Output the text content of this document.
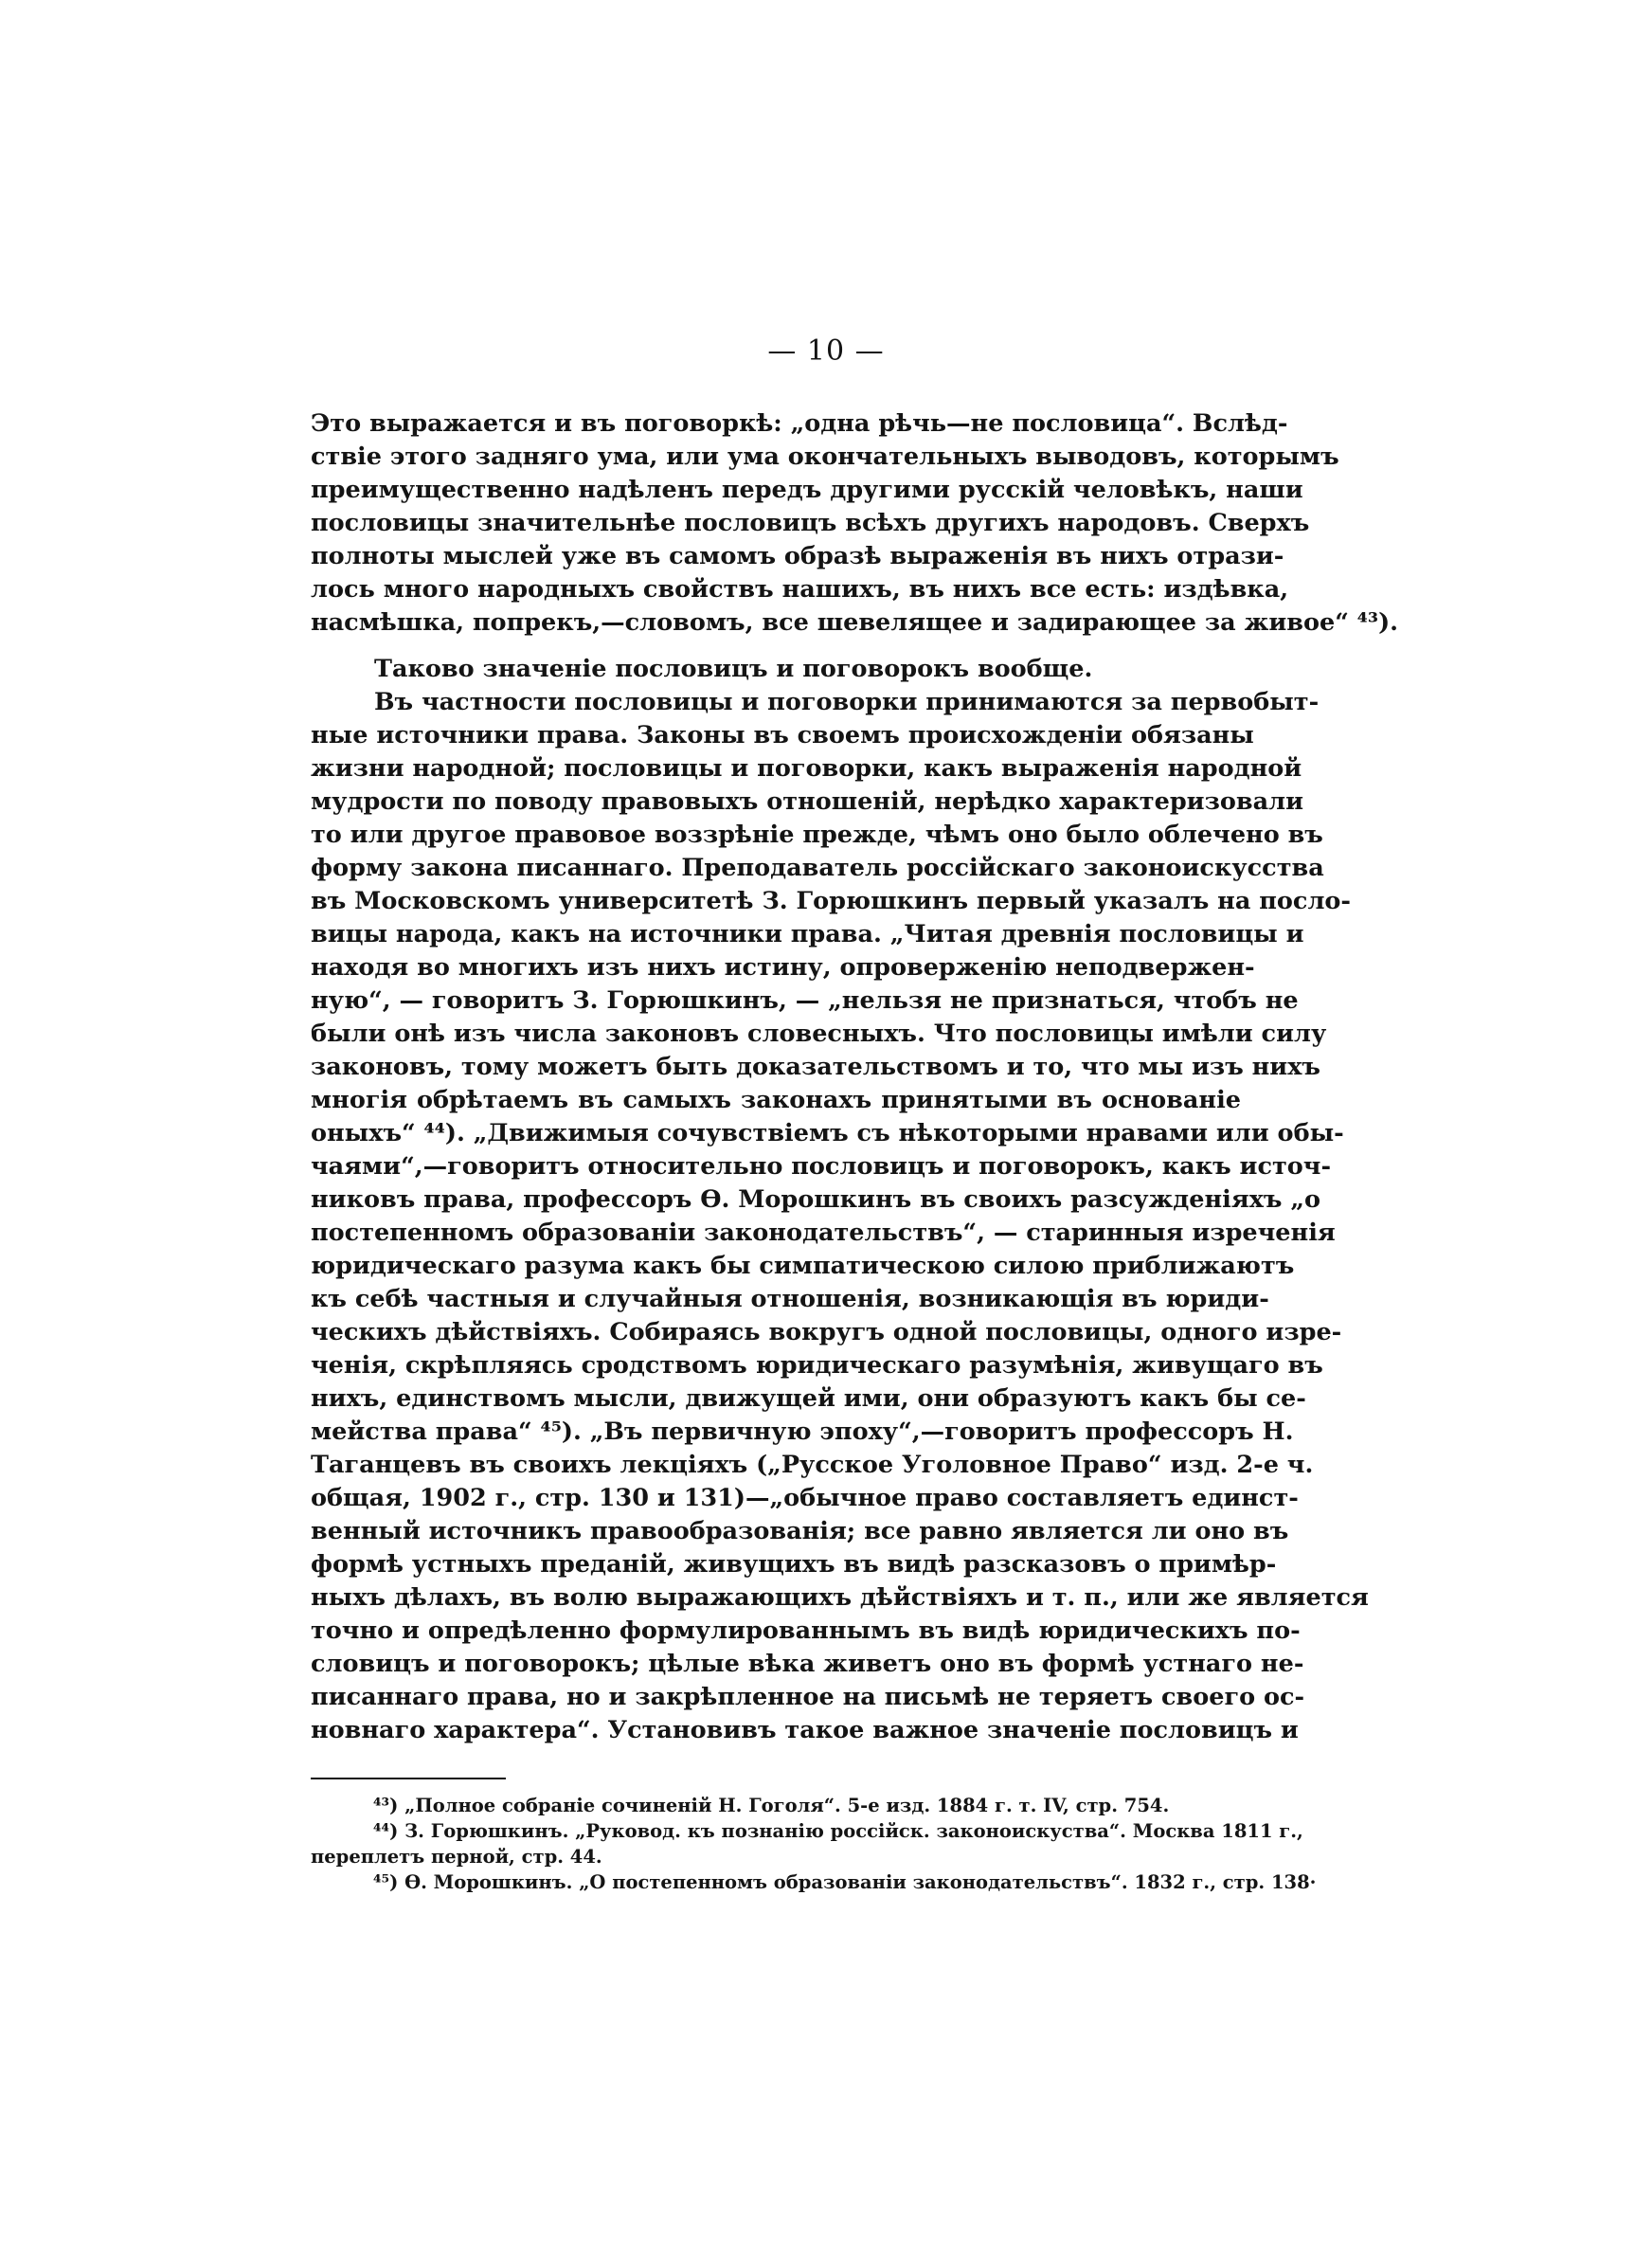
— 10 —
Это выражается и въ поговоркѣ: „одна рѣчь—не пословица“. Вслѣд-
ствіе этого задняго ума, или ума окончательныхъ выводовъ, которымъ
преимущественно надѣленъ передъ другими русскій человѣкъ, наши
пословицы значительнѣе пословицъ всѣхъ другихъ народовъ. Сверхъ
полноты мыслей уже въ самомъ образѣ выраженія въ нихъ отрази-
лось много народныхъ свойствъ нашихъ, въ нихъ все есть: издѣвка,
насмѣшка, попрекъ,—словомъ, все шевелящее и задирающее за живое“ ⁴³).
Таково значеніе пословицъ и поговорокъ вообще.
Въ частности пословицы и поговорки принимаются за первобыт-
ные источники права. Законы въ своемъ происхожденіи обязаны
жизни народной; пословицы и поговорки, какъ выраженія народной
мудрости по поводу правовыхъ отношеній, нерѣдко характеризовали
то или другое правовое воззрѣніе прежде, чѣмъ оно было облечено въ
форму закона писаннаго. Преподаватель россійскаго законоискусства
въ Московскомъ университетѣ З. Горюшкинъ первый указалъ на посло-
вицы народа, какъ на источники права. „Читая древнія пословицы и
находя во многихъ изъ нихъ истину, опроверженію неподвержен-
ную“, — говоритъ З. Горюшкинъ, — „нельзя не признаться, чтобъ не
были онѣ изъ числа законовъ словесныхъ. Что пословицы имѣли силу
законовъ, тому можетъ быть доказательствомъ и то, что мы изъ нихъ
многія обрѣтаемъ въ самыхъ законахъ принятыми въ основаніе
оныхъ“ ⁴⁴). „Движимыя сочувствіемъ съ нѣкоторыми нравами или обы-
чаями“,—говоритъ относительно пословицъ и поговорокъ, какъ источ-
никовъ права, профессоръ Ѳ. Морошкинъ въ своихъ разсужденіяхъ „о
постепенномъ образованіи законодательствъ“, — старинныя изреченія
юридическаго разума какъ бы симпатическою силою приближаютъ
къ себѣ частныя и случайныя отношенія, возникающія въ юриди-
ческихъ дѣйствіяхъ. Собираясь вокругъ одной пословицы, одного изре-
ченія, скрѣпляясь сродствомъ юридическаго разумѣнія, живущаго въ
нихъ, единствомъ мысли, движущей ими, они образуютъ какъ бы се-
мейства права“ ⁴⁵). „Въ первичную эпоху“,—говоритъ профессоръ Н.
Таганцевъ въ своихъ лекціяхъ („Русское Уголовное Право“ изд. 2-е ч.
общая, 1902 г., стр. 130 и 131)—„обычное право составляетъ единст-
венный источникъ правообразованія; все равно является ли оно въ
формѣ устныхъ преданій, живущихъ въ видѣ разсказовъ о примѣр-
ныхъ дѣлахъ, въ волю выражающихъ дѣйствіяхъ и т. п., или же является
точно и опредѣленно формулированнымъ въ видѣ юридическихъ по-
словицъ и поговорокъ; цѣлые вѣка живетъ оно въ формѣ устнаго не-
писаннаго права, но и закрѣпленное на письмѣ не теряетъ своего ос-
новнаго характера“. Установивъ такое важное значеніе пословицъ и
⁴³) „Полное собраніе сочиненій Н. Гоголя“. 5-е изд. 1884 г. т. IV, стр. 754.
⁴⁴) З. Горюшкинъ. „Руковод. къ познанію россійск. законоискуства“. Москва 1811 г.,
переплетъ перной, стр. 44.
⁴⁵) Ѳ. Морошкинъ. „О постепенномъ образованіи законодательствъ“. 1832 г., стр. 138·
